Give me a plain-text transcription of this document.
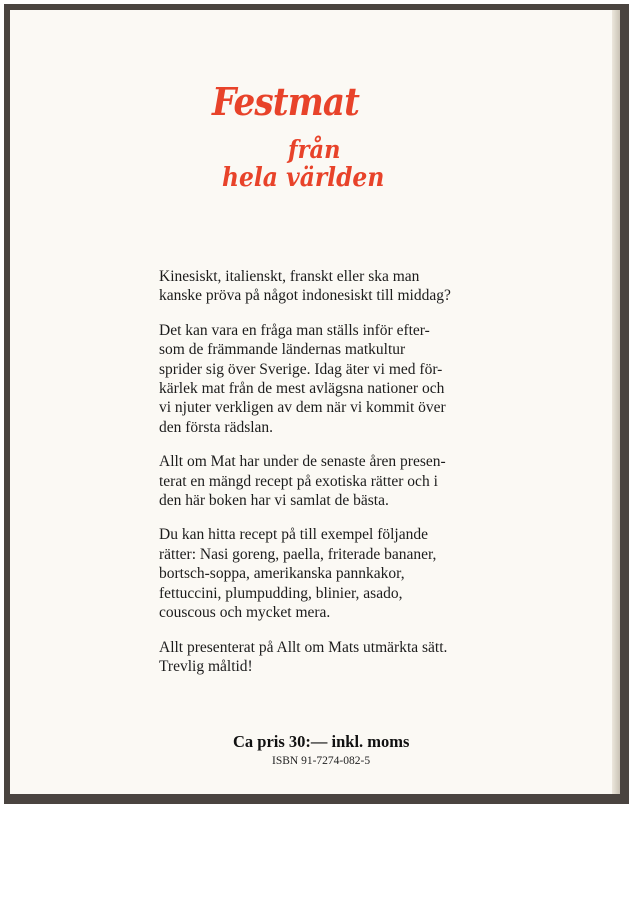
Festmat
från
hela världen

Kinesiskt, italienskt, franskt eller ska man
kanske pröva på något indonesiskt till middag?

Det kan vara en fråga man ställs inför efter-
som de främmande ländernas matkultur
sprider sig över Sverige. Idag äter vi med för-
kärlek mat från de mest avlägsna nationer och
vi njuter verkligen av dem när vi kommit över
den första rädslan.

Allt om Mat har under de senaste åren presen-
terat en mängd recept på exotiska rätter och i
den här boken har vi samlat de bästa.

Du kan hitta recept på till exempel följande
rätter: Nasi goreng, paella, friterade bananer,
bortsch-soppa, amerikanska pannkakor,
fettuccini, plumpudding, blinier, asado,
couscous och mycket mera.

Allt presenterat på Allt om Mats utmärkta sätt.
Trevlig måltid!

Ca pris 30:— inkl. moms
ISBN 91-7274-082-5
